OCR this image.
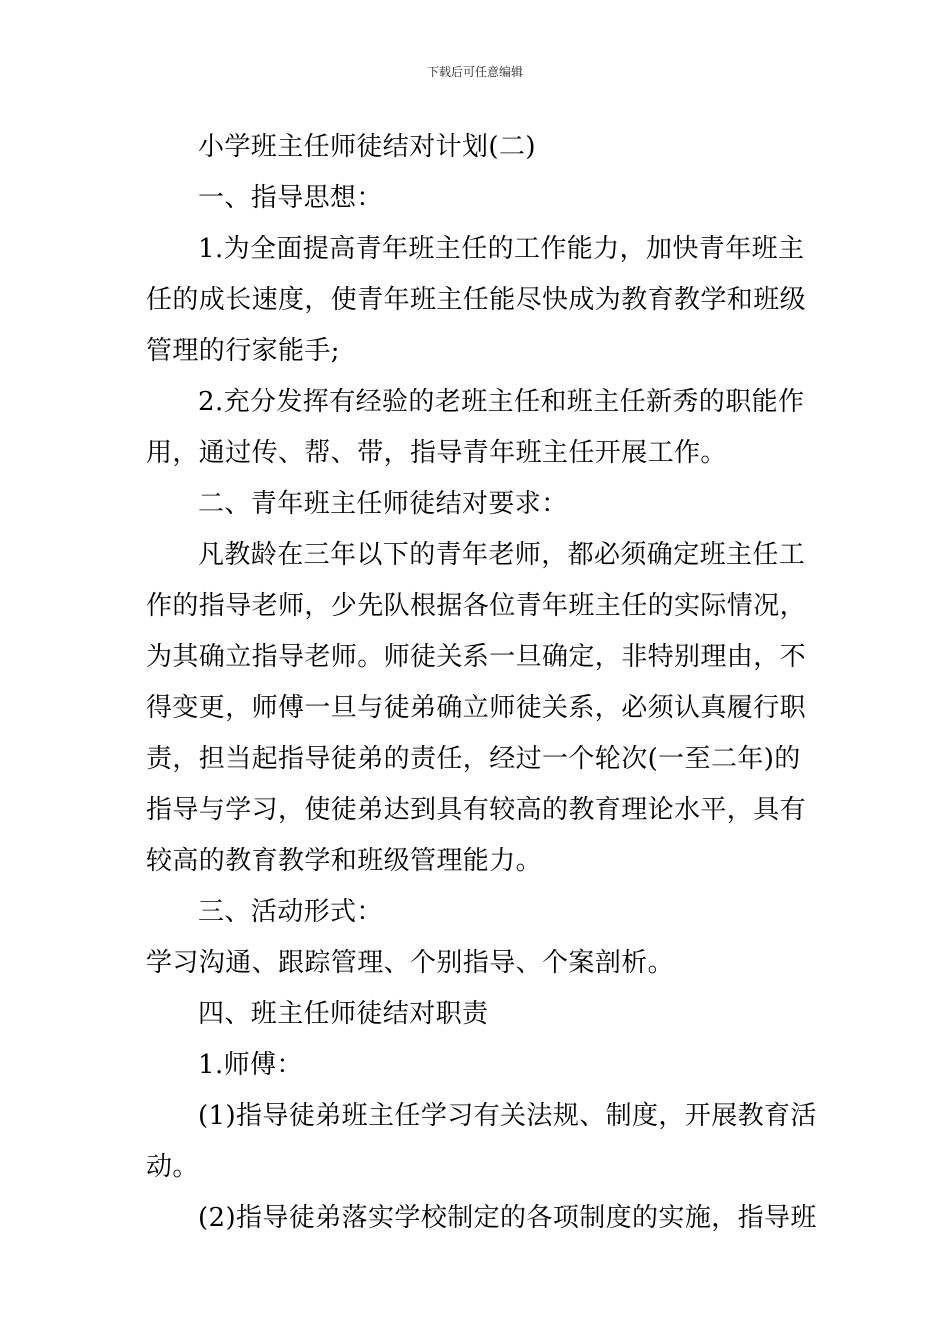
下载后可任意编辑
小学班主任师徒结对计划(二)
一、指导思想：
1.为全面提高青年班主任的工作能力，加快青年班主
任的成长速度，使青年班主任能尽快成为教育教学和班级
管理的行家能手;
2.充分发挥有经验的老班主任和班主任新秀的职能作
用，通过传、帮、带，指导青年班主任开展工作。
二、青年班主任师徒结对要求：
凡教龄在三年以下的青年老师，都必须确定班主任工
作的指导老师，少先队根据各位青年班主任的实际情况，
为其确立指导老师。师徒关系一旦确定，非特别理由，不
得变更，师傅一旦与徒弟确立师徒关系，必须认真履行职
责，担当起指导徒弟的责任，经过一个轮次(一至二年)的
指导与学习，使徒弟达到具有较高的教育理论水平，具有
较高的教育教学和班级管理能力。
三、活动形式：
学习沟通、跟踪管理、个别指导、个案剖析。
四、班主任师徒结对职责
1.师傅：
(1)指导徒弟班主任学习有关法规、制度，开展教育活
动。
(2)指导徒弟落实学校制定的各项制度的实施，指导班
